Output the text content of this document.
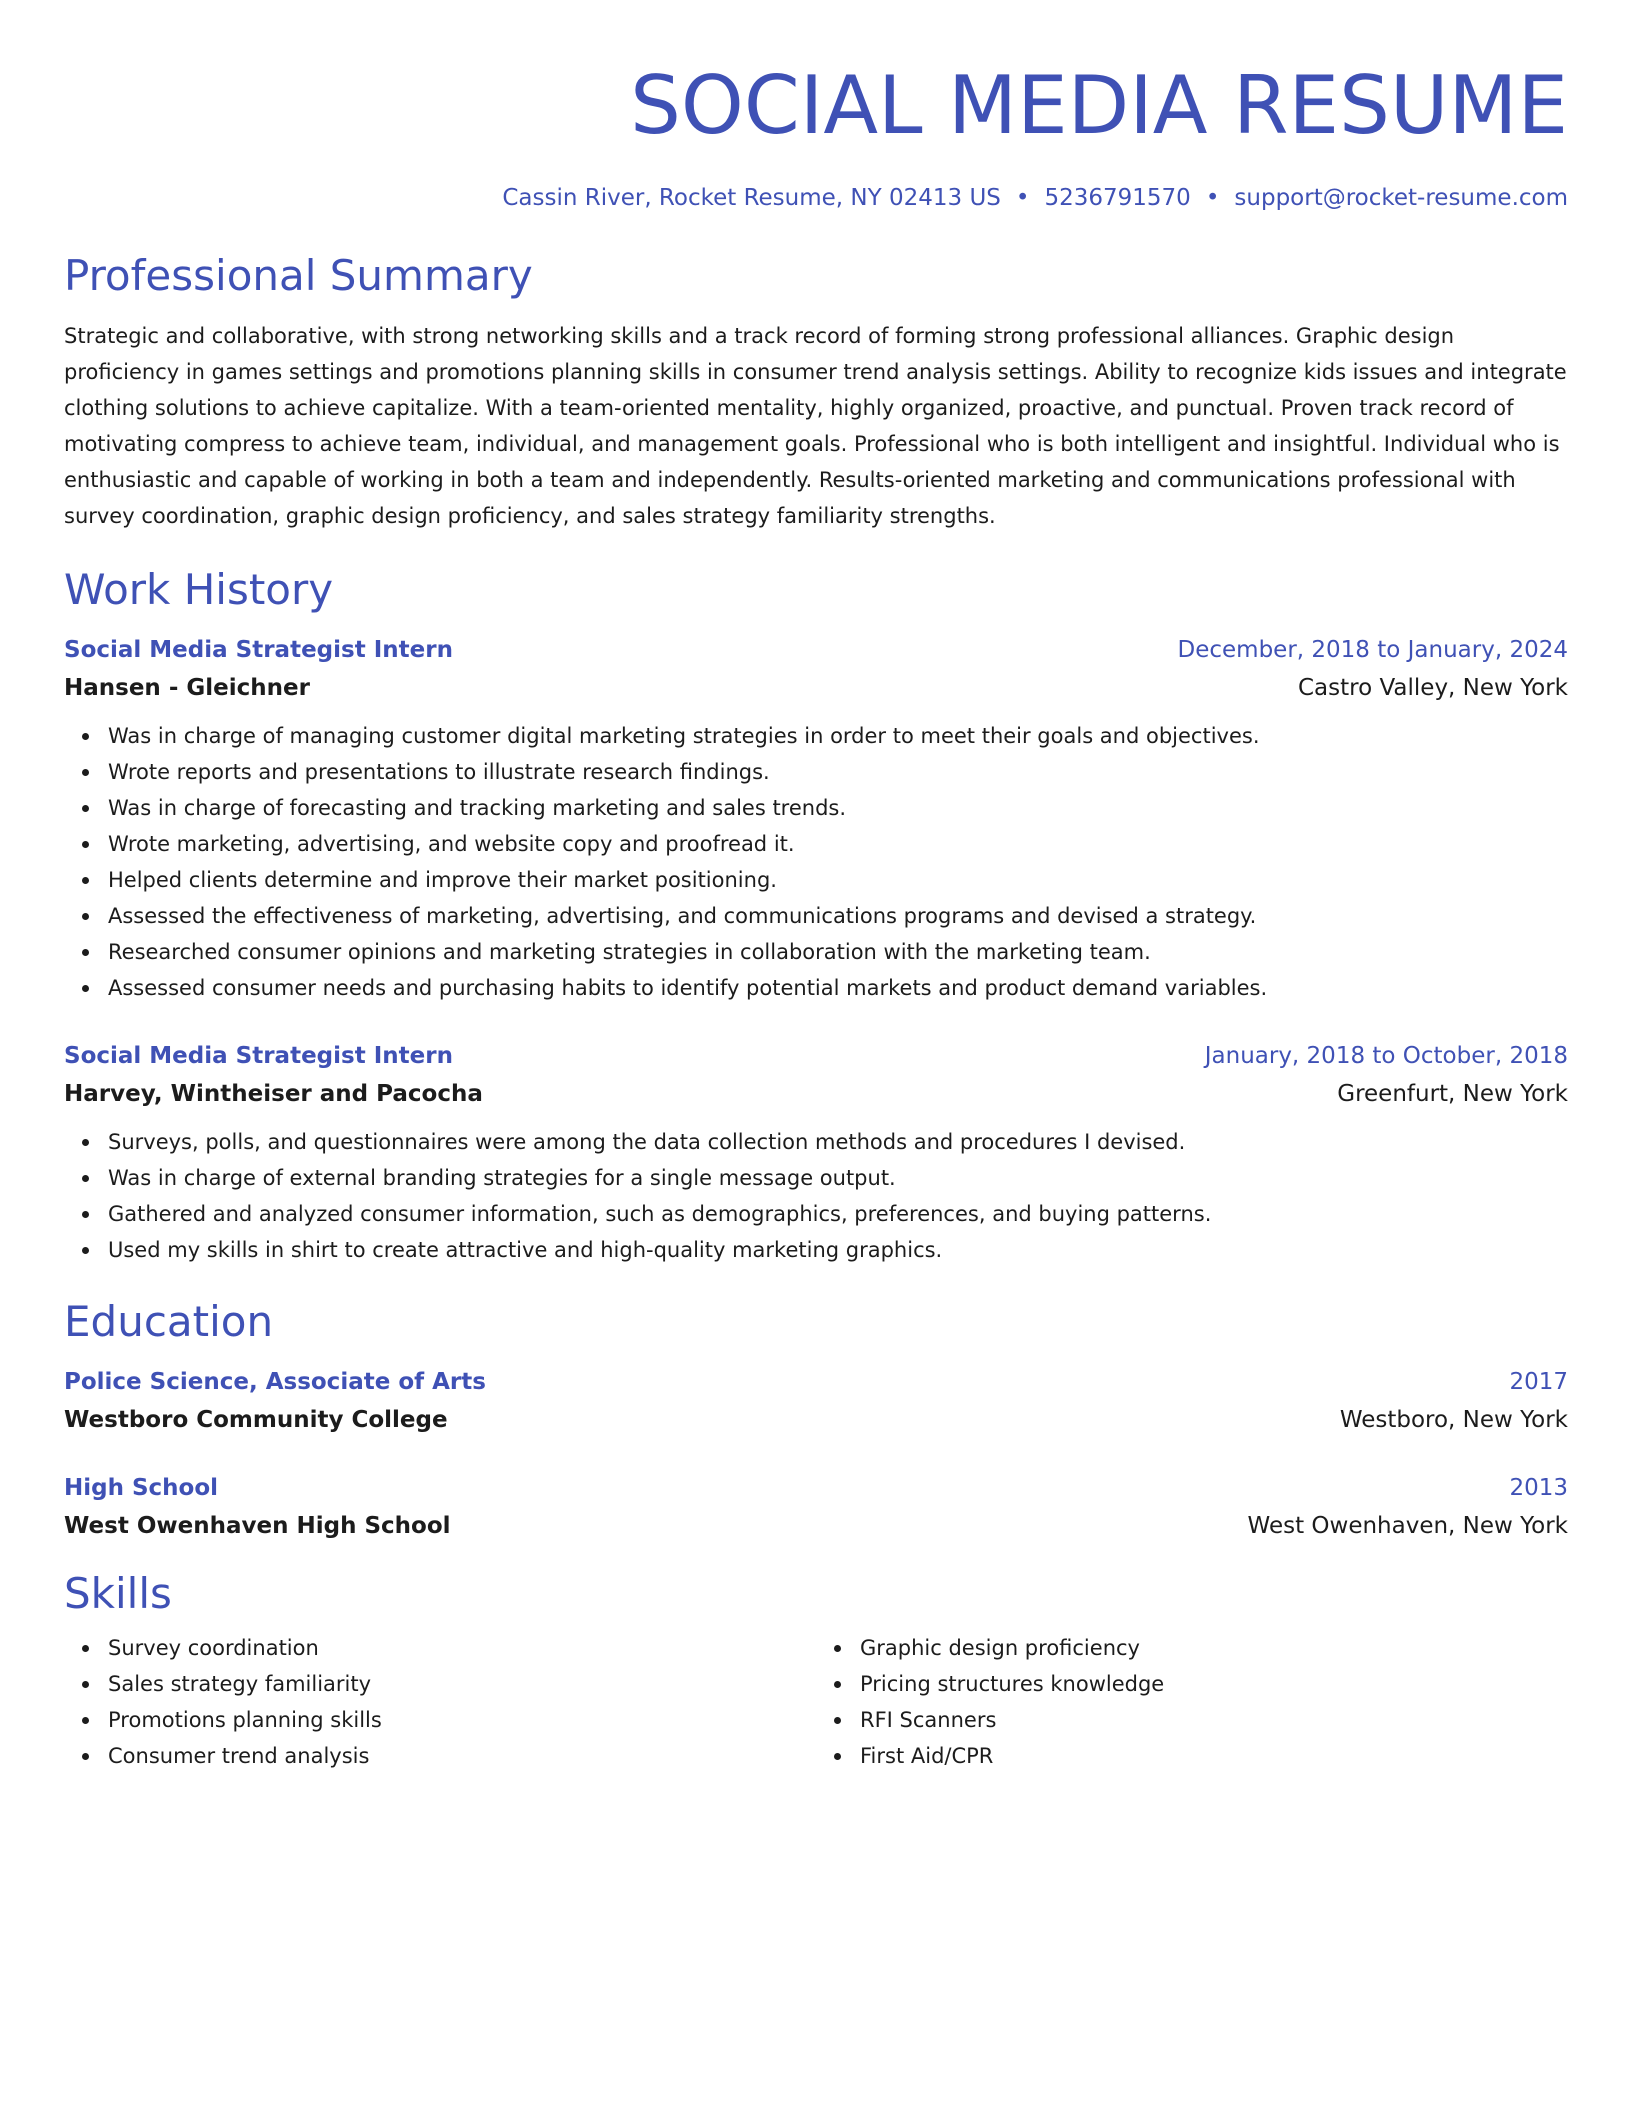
SOCIAL MEDIA RESUME
Cassin River, Rocket Resume, NY 02413 US • 5236791570 • support@rocket-resume.com
Professional Summary
Strategic and collaborative, with strong networking skills and a track record of forming strong professional alliances. Graphic design proficiency in games settings and promotions planning skills in consumer trend analysis settings. Ability to recognize kids issues and integrate clothing solutions to achieve capitalize. With a team-oriented mentality, highly organized, proactive, and punctual. Proven track record of motivating compress to achieve team, individual, and management goals. Professional who is both intelligent and insightful. Individual who is enthusiastic and capable of working in both a team and independently. Results-oriented marketing and communications professional with survey coordination, graphic design proficiency, and sales strategy familiarity strengths.
Work History
Social Media Strategist Intern	December, 2018 to January, 2024
Hansen - Gleichner	Castro Valley, New York
Was in charge of managing customer digital marketing strategies in order to meet their goals and objectives.
Wrote reports and presentations to illustrate research findings.
Was in charge of forecasting and tracking marketing and sales trends.
Wrote marketing, advertising, and website copy and proofread it.
Helped clients determine and improve their market positioning.
Assessed the effectiveness of marketing, advertising, and communications programs and devised a strategy.
Researched consumer opinions and marketing strategies in collaboration with the marketing team.
Assessed consumer needs and purchasing habits to identify potential markets and product demand variables.
Social Media Strategist Intern	January, 2018 to October, 2018
Harvey, Wintheiser and Pacocha	Greenfurt, New York
Surveys, polls, and questionnaires were among the data collection methods and procedures I devised.
Was in charge of external branding strategies for a single message output.
Gathered and analyzed consumer information, such as demographics, preferences, and buying patterns.
Used my skills in shirt to create attractive and high-quality marketing graphics.
Education
Police Science, Associate of Arts	2017
Westboro Community College	Westboro, New York
High School	2013
West Owenhaven High School	West Owenhaven, New York
Skills
Survey coordination
Sales strategy familiarity
Promotions planning skills
Consumer trend analysis
Graphic design proficiency
Pricing structures knowledge
RFI Scanners
First Aid/CPR
